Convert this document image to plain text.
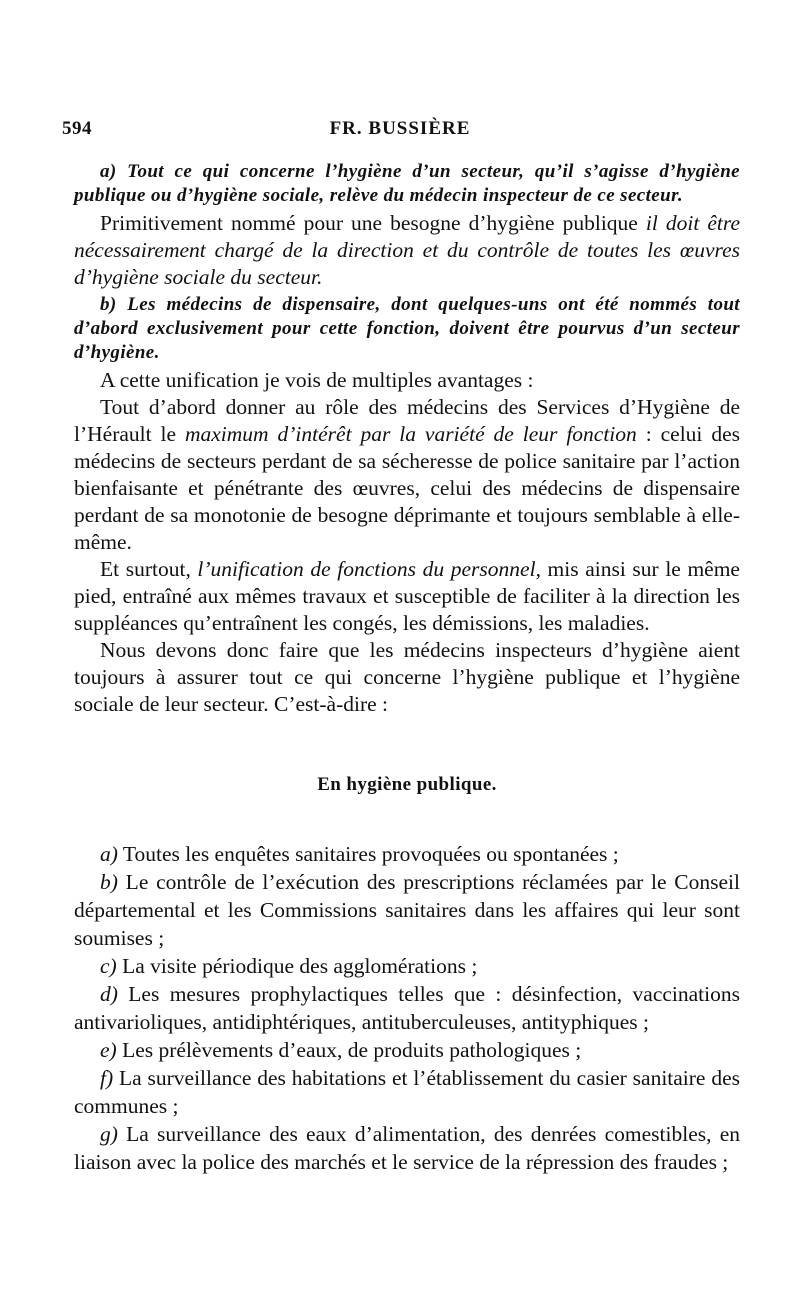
594	FR. BUSSIÈRE

a) Tout ce qui concerne l’hygiène d’un secteur, qu’il s’agisse d’hygiène publique ou d’hygiène sociale, relève du médecin inspecteur de ce secteur.

Primitivement nommé pour une besogne d’hygiène publique il doit être nécessairement chargé de la direction et du contrôle de toutes les œuvres d’hygiène sociale du secteur.

b) Les médecins de dispensaire, dont quelques-uns ont été nommés tout d’abord exclusivement pour cette fonction, doivent être pourvus d’un secteur d’hygiène.

A cette unification je vois de multiples avantages :

Tout d’abord donner au rôle des médecins des Services d’Hygiène de l’Hérault le maximum d’intérêt par la variété de leur fonction : celui des médecins de secteurs perdant de sa sécheresse de police sanitaire par l’action bienfaisante et pénétrante des œuvres, celui des médecins de dispensaire perdant de sa monotonie de besogne déprimante et toujours semblable à elle-même.

Et surtout, l’unification de fonctions du personnel, mis ainsi sur le même pied, entraîné aux mêmes travaux et susceptible de faciliter à la direction les suppléances qu’entraînent les congés, les démissions, les maladies.

Nous devons donc faire que les médecins inspecteurs d’hygiène aient toujours à assurer tout ce qui concerne l’hygiène publique et l’hygiène sociale de leur secteur. C’est-à-dire :

En hygiène publique.

a) Toutes les enquêtes sanitaires provoquées ou spontanées ;

b) Le contrôle de l’exécution des prescriptions réclamées par le Conseil départemental et les Commissions sanitaires dans les affaires qui leur sont soumises ;

c) La visite périodique des agglomérations ;

d) Les mesures prophylactiques telles que : désinfection, vaccinations antivarioliques, antidiphtériques, antituberculeuses, antityphiques ;

e) Les prélèvements d’eaux, de produits pathologiques ;

f) La surveillance des habitations et l’établissement du casier sanitaire des communes ;

g) La surveillance des eaux d’alimentation, des denrées comestibles, en liaison avec la police des marchés et le service de la répression des fraudes ;
